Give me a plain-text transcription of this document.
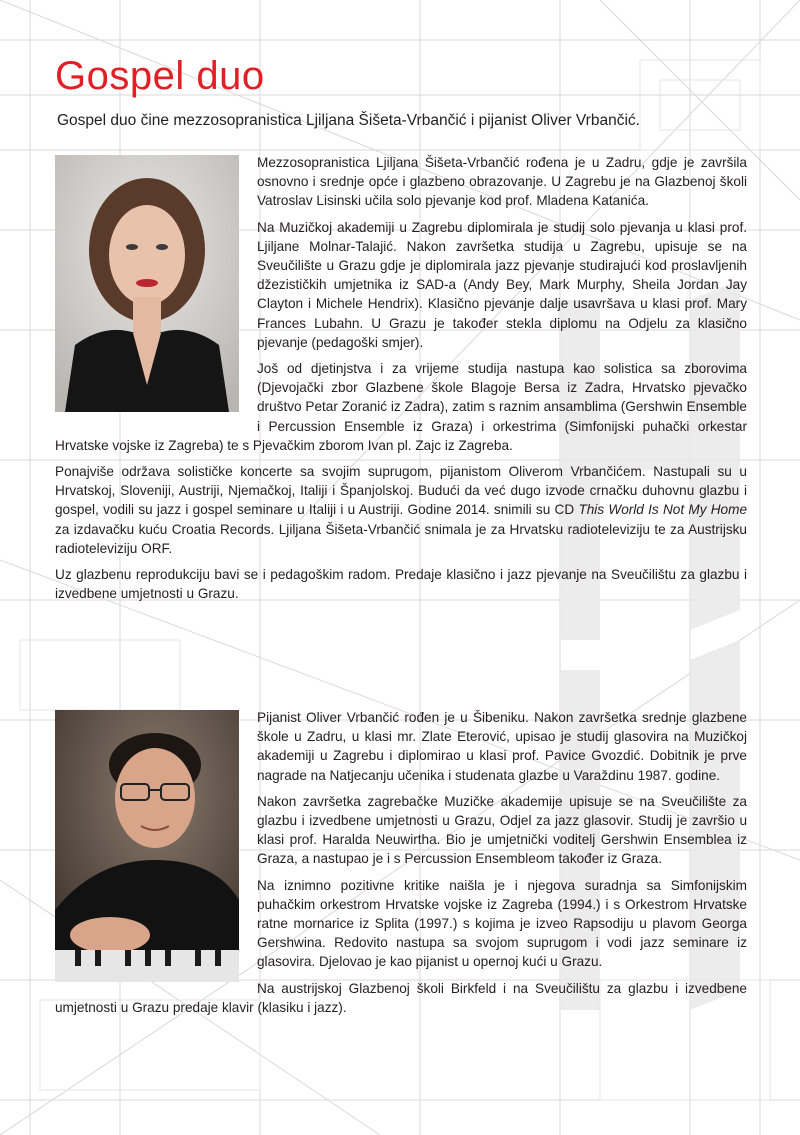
Gospel duo

Gospel duo čine mezzosopranistica Ljiljana Šišeta-Vrbančić i pijanist Oliver Vrbančić.

Mezzosopranistica Ljiljana Šišeta-Vrbančić rođena je u Zadru, gdje je završila osnovno i srednje opće i glazbeno obrazovanje. U Zagrebu je na Glazbenoj školi Vatroslav Lisinski učila solo pjevanje kod prof. Mladena Katanića.

Na Muzičkoj akademiji u Zagrebu diplomirala je studij solo pjevanja u klasi prof. Ljiljane Molnar-Talajić. Nakon završetka studija u Zagrebu, upisuje se na Sveučilište u Grazu gdje je diplomirala jazz pjevanje studirajući kod proslavljenih džezističkih umjetnika iz SAD-a (Andy Bey, Mark Murphy, Sheila Jordan Jay Clayton i Michele Hendrix). Klasično pjevanje dalje usavršava u klasi prof. Mary Frances Lubahn. U Grazu je također stekla diplomu na Odjelu za klasično pjevanje (pedagoški smjer).

Još od djetinjstva i za vrijeme studija nastupa kao solistica sa zborovima (Djevojački zbor Glazbene škole Blagoje Bersa iz Zadra, Hrvatsko pjevačko društvo Petar Zoranić iz Zadra), zatim s raznim ansamblima (Gershwin Ensemble i Percussion Ensemble iz Graza) i orkestrima (Simfonijski puhački orkestar Hrvatske vojske iz Zagreba) te s Pjevačkim zborom Ivan pl. Zajc iz Zagreba.

Ponajviše održava solističke koncerte sa svojim suprugom, pijanistom Oliverom Vrbančićem. Nastupali su u Hrvatskoj, Sloveniji, Austriji, Njemačkoj, Italiji i Španjolskoj. Budući da već dugo izvode crnačku duhovnu glazbu i gospel, vodili su jazz i gospel seminare u Italiji i u Austriji. Godine 2014. snimili su CD This World Is Not My Home za izdavačku kuću Croatia Records. Ljiljana Šišeta-Vrbančić snimala je za Hrvatsku radioteleviziju te za Austrijsku radioteleviziju ORF.

Uz glazbenu reprodukciju bavi se i pedagoškim radom. Predaje klasično i jazz pjevanje na Sveučilištu za glazbu i izvedbene umjetnosti u Grazu.

Pijanist Oliver Vrbančić rođen je u Šibeniku. Nakon završetka srednje glazbene škole u Zadru, u klasi mr. Zlate Eterović, upisao je studij glasovira na Muzičkoj akademiji u Zagrebu i diplomirao u klasi prof. Pavice Gvozdić. Dobitnik je prve nagrade na Natjecanju učenika i studenata glazbe u Varaždinu 1987. godine.

Nakon završetka zagrebačke Muzičke akademije upisuje se na Sveučilište za glazbu i izvedbene umjetnosti u Grazu, Odjel za jazz glasovir. Studij je završio u klasi prof. Haralda Neuwirtha. Bio je umjetnički voditelj Gershwin Ensemblea iz Graza, a nastupao je i s Percussion Ensembleom također iz Graza.

Na iznimno pozitivne kritike naišla je i njegova suradnja sa Simfonijskim puhačkim orkestrom Hrvatske vojske iz Zagreba (1994.) i s Orkestrom Hrvatske ratne mornarice iz Splita (1997.) s kojima je izveo Rapsodiju u plavom Georga Gershwina. Redovito nastupa sa svojom suprugom i vodi jazz seminare iz glasovira. Djelovao je kao pijanist u opernoj kući u Grazu.

Na austrijskoj Glazbenoj školi Birkfeld i na Sveučilištu za glazbu i izvedbene umjetnosti u Grazu predaje klavir (klasiku i jazz).
